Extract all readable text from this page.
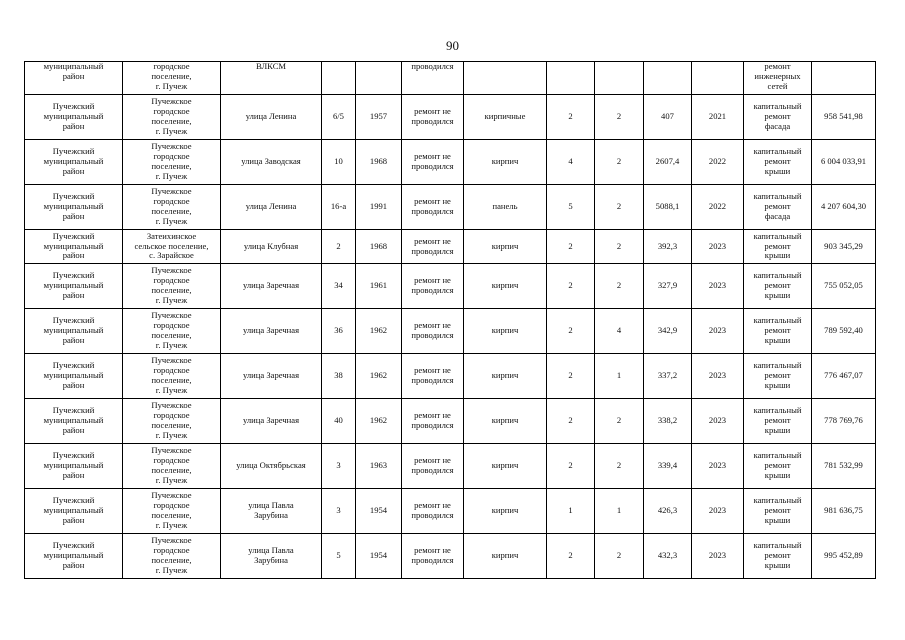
90
муниципальный
район	городское
поселение,
г. Пучеж	ВЛКСМ			проводился						ремонт
инженерных
сетей	
Пучежский
муниципальный
район	Пучежское
городское
поселение,
г. Пучеж	улица Ленина	6/5	1957	ремонт не
проводился	кирпичные	2	2	407	2021	капитальный
ремонт
фасада	958 541,98
Пучежский
муниципальный
район	Пучежское
городское
поселение,
г. Пучеж	улица Заводская	10	1968	ремонт не
проводился	кирпич	4	2	2607,4	2022	капитальный
ремонт
крыши	6 004 033,91
Пучежский
муниципальный
район	Пучежское
городское
поселение,
г. Пучеж	улица Ленина	16-а	1991	ремонт не
проводился	панель	5	2	5088,1	2022	капитальный
ремонт
фасада	4 207 604,30
Пучежский
муниципальный
район	Затеихинское
сельское поселение,
с. Зарайское	улица Клубная	2	1968	ремонт не
проводился	кирпич	2	2	392,3	2023	капитальный
ремонт
крыши	903 345,29
Пучежский
муниципальный
район	Пучежское
городское
поселение,
г. Пучеж	улица Заречная	34	1961	ремонт не
проводился	кирпич	2	2	327,9	2023	капитальный
ремонт
крыши	755 052,05
Пучежский
муниципальный
район	Пучежское
городское
поселение,
г. Пучеж	улица Заречная	36	1962	ремонт не
проводился	кирпич	2	4	342,9	2023	капитальный
ремонт
крыши	789 592,40
Пучежский
муниципальный
район	Пучежское
городское
поселение,
г. Пучеж	улица Заречная	38	1962	ремонт не
проводился	кирпич	2	1	337,2	2023	капитальный
ремонт
крыши	776 467,07
Пучежский
муниципальный
район	Пучежское
городское
поселение,
г. Пучеж	улица Заречная	40	1962	ремонт не
проводился	кирпич	2	2	338,2	2023	капитальный
ремонт
крыши	778 769,76
Пучежский
муниципальный
район	Пучежское
городское
поселение,
г. Пучеж	улица Октябрьская	3	1963	ремонт не
проводился	кирпич	2	2	339,4	2023	капитальный
ремонт
крыши	781 532,99
Пучежский
муниципальный
район	Пучежское
городское
поселение,
г. Пучеж	улица Павла
Зарубина	3	1954	ремонт не
проводился	кирпич	1	1	426,3	2023	капитальный
ремонт
крыши	981 636,75
Пучежский
муниципальный
район	Пучежское
городское
поселение,
г. Пучеж	улица Павла
Зарубина	5	1954	ремонт не
проводился	кирпич	2	2	432,3	2023	капитальный
ремонт
крыши	995 452,89
